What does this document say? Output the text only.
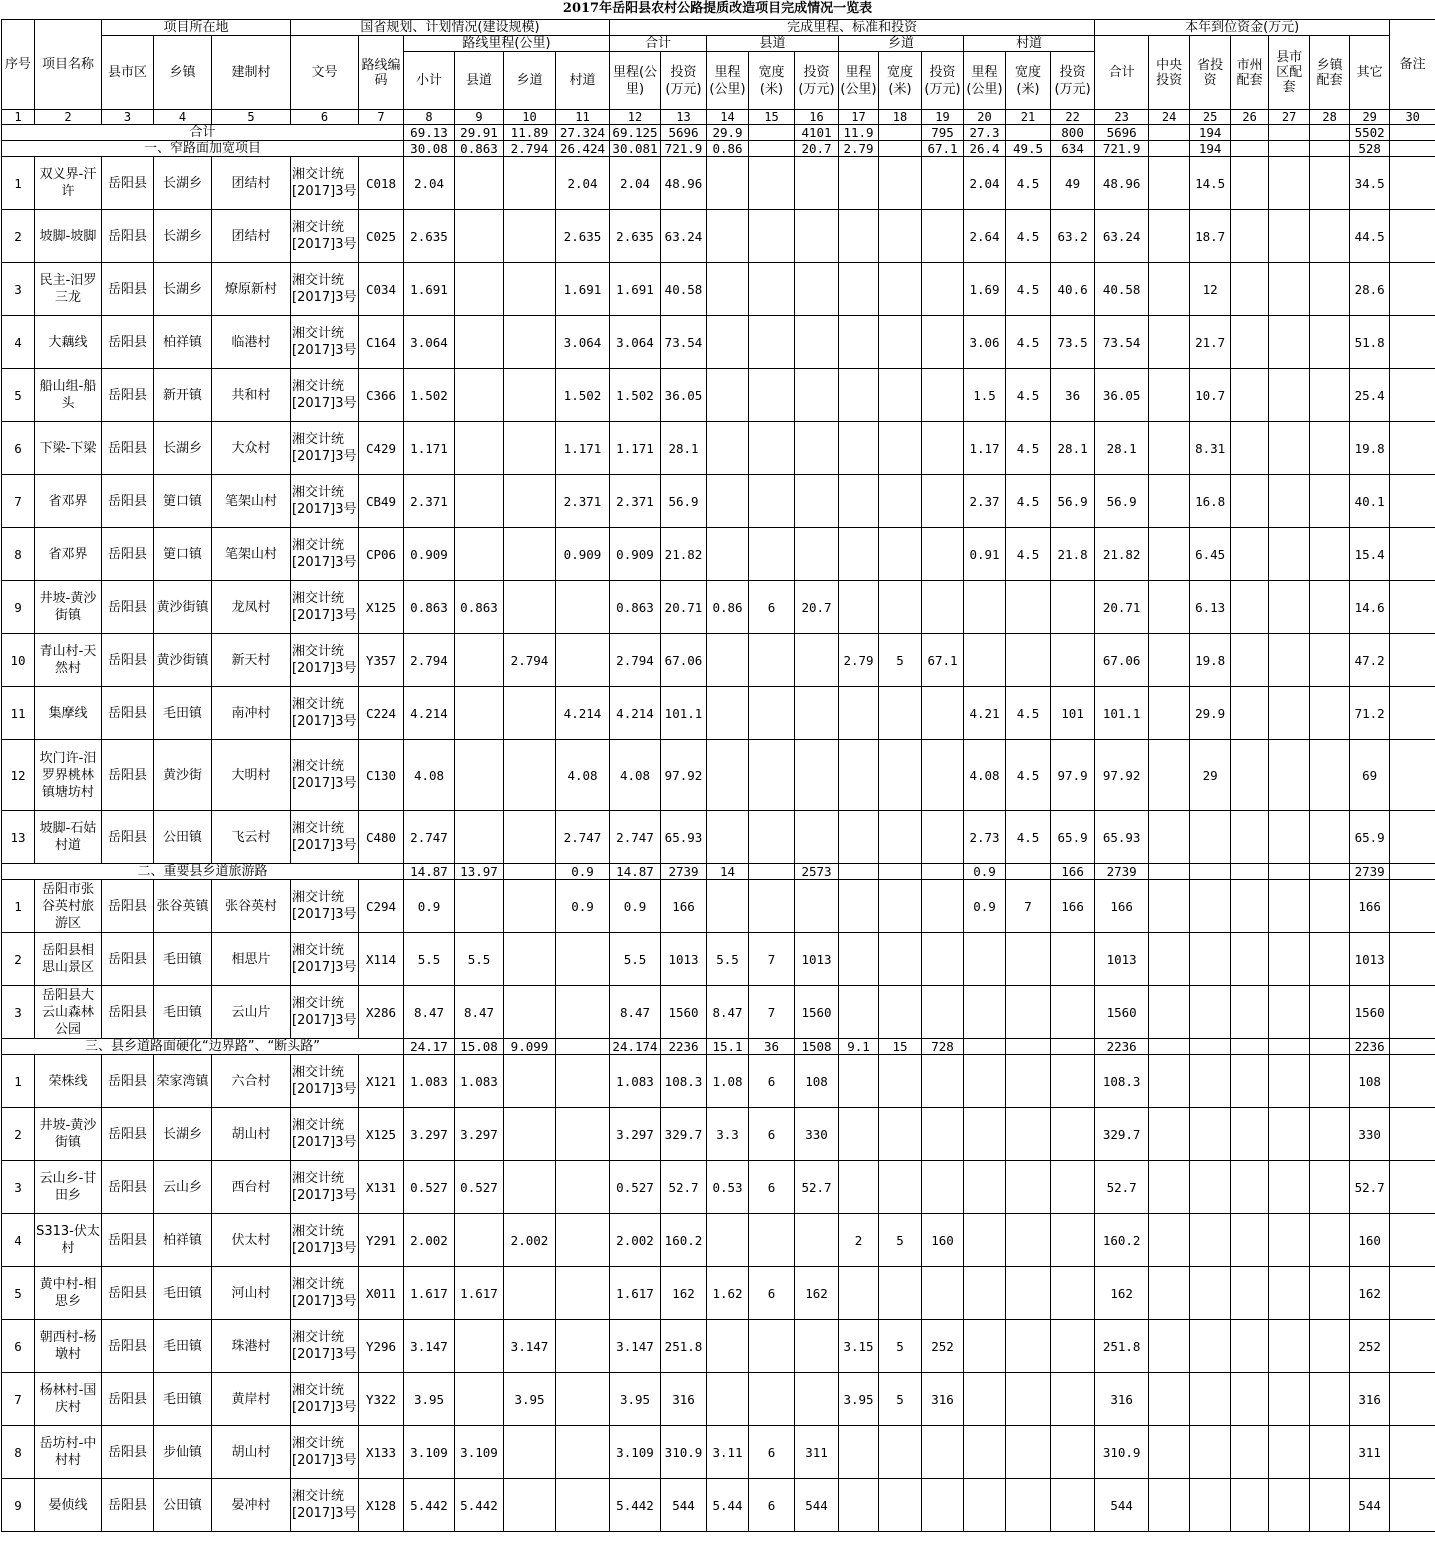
2017年岳阳县农村公路提质改造项目完成情况一览表
序号	项目名称	项目所在地			国省规划、计划情况(建设规模)						完成里程、标准和投资											本年到位资金(万元)							备注
		县市区	乡镇	建制村	文号	路线编码	路线里程(公里)				合计		县道			乡道			村道			合计	中央投资	省投资	市州配套	县市区配套	乡镇配套	其它	
							小计	县道	乡道	村道	里程(公里)	投资(万元)	里程(公里)	宽度(米)	投资(万元)	里程(公里)	宽度(米)	投资(万元)	里程(公里)	宽度(米)	投资(万元)								
1	2	3	4	5	6	7	8	9	10	11	12	13	14	15	16	17	18	19	20	21	22	23	24	25	26	27	28	29	30
合计							69.13	29.91	11.89	27.324	69.125	5696	29.9		4101	11.9		795	27.3		800	5696		194				5502	
一、窄路面加宽项目							30.08	0.863	2.794	26.424	30.081	721.9	0.86		20.7	2.79		67.1	26.4	49.5	634	721.9		194				528	
1	双义界-汗许	岳阳县	长湖乡	团结村	湘交计统[2017]3号	C018	2.04			2.04	2.04	48.96							2.04	4.5	49	48.96		14.5				34.5	
2	坡脚-坡脚	岳阳县	长湖乡	团结村	湘交计统[2017]3号	C025	2.635			2.635	2.635	63.24							2.64	4.5	63.2	63.24		18.7				44.5	
3	民主-汨罗三龙	岳阳县	长湖乡	燎原新村	湘交计统[2017]3号	C034	1.691			1.691	1.691	40.58							1.69	4.5	40.6	40.58		12				28.6	
4	大藕线	岳阳县	柏祥镇	临港村	湘交计统[2017]3号	C164	3.064			3.064	3.064	73.54							3.06	4.5	73.5	73.54		21.7				51.8	
5	船山组-船头	岳阳县	新开镇	共和村	湘交计统[2017]3号	C366	1.502			1.502	1.502	36.05							1.5	4.5	36	36.05		10.7				25.4	
6	下梁-下梁	岳阳县	长湖乡	大众村	湘交计统[2017]3号	C429	1.171			1.171	1.171	28.1							1.17	4.5	28.1	28.1		8.31				19.8	
7	省邓界	岳阳县	筻口镇	笔架山村	湘交计统[2017]3号	CB49	2.371			2.371	2.371	56.9							2.37	4.5	56.9	56.9		16.8				40.1	
8	省邓界	岳阳县	筻口镇	笔架山村	湘交计统[2017]3号	CP06	0.909			0.909	0.909	21.82							0.91	4.5	21.8	21.82		6.45				15.4	
9	井坡-黄沙街镇	岳阳县	黄沙街镇	龙凤村	湘交计统[2017]3号	X125	0.863	0.863			0.863	20.71	0.86	6	20.7							20.71		6.13				14.6	
10	青山村-天然村	岳阳县	黄沙街镇	新天村	湘交计统[2017]3号	Y357	2.794		2.794		2.794	67.06				2.79	5	67.1				67.06		19.8				47.2	
11	集摩线	岳阳县	毛田镇	南冲村	湘交计统[2017]3号	C224	4.214			4.214	4.214	101.1							4.21	4.5	101	101.1		29.9				71.2	
12	坎门许-汨罗界桃林镇塘坊村	岳阳县	黄沙街	大明村	湘交计统[2017]3号	C130	4.08			4.08	4.08	97.92							4.08	4.5	97.9	97.92		29				69	
13	坡脚-石姑村道	岳阳县	公田镇	飞云村	湘交计统[2017]3号	C480	2.747			2.747	2.747	65.93							2.73	4.5	65.9	65.93						65.9	
二、重要县乡道旅游路							14.87	13.97		0.9	14.87	2739	14		2573				0.9		166	2739						2739	
1	岳阳市张谷英村旅游区	岳阳县	张谷英镇	张谷英村	湘交计统[2017]3号	C294	0.9			0.9	0.9	166							0.9	7	166	166						166	
2	岳阳县相思山景区	岳阳县	毛田镇	相思片	湘交计统[2017]3号	X114	5.5	5.5			5.5	1013	5.5	7	1013							1013						1013	
3	岳阳县大云山森林公园	岳阳县	毛田镇	云山片	湘交计统[2017]3号	X286	8.47	8.47			8.47	1560	8.47	7	1560							1560						1560	
三、县乡道路面硬化“边界路”、“断头路”							24.17	15.08	9.099		24.174	2236	15.1	36	1508	9.1	15	728				2236						2236	
1	荣株线	岳阳县	荣家湾镇	六合村	湘交计统[2017]3号	X121	1.083	1.083			1.083	108.3	1.08	6	108							108.3						108	
2	井坡-黄沙街镇	岳阳县	长湖乡	胡山村	湘交计统[2017]3号	X125	3.297	3.297			3.297	329.7	3.3	6	330							329.7						330	
3	云山乡-甘田乡	岳阳县	云山乡	西台村	湘交计统[2017]3号	X131	0.527	0.527			0.527	52.7	0.53	6	52.7							52.7						52.7	
4	S313-伏太村	岳阳县	柏祥镇	伏太村	湘交计统[2017]3号	Y291	2.002		2.002		2.002	160.2				2	5	160				160.2						160	
5	黄中村-相思乡	岳阳县	毛田镇	河山村	湘交计统[2017]3号	X011	1.617	1.617			1.617	162	1.62	6	162							162						162	
6	朝西村-杨墩村	岳阳县	毛田镇	珠港村	湘交计统[2017]3号	Y296	3.147		3.147		3.147	251.8				3.15	5	252				251.8						252	
7	杨林村-国庆村	岳阳县	毛田镇	黄岸村	湘交计统[2017]3号	Y322	3.95		3.95		3.95	316				3.95	5	316				316						316	
8	岳坊村-中村村	岳阳县	步仙镇	胡山村	湘交计统[2017]3号	X133	3.109	3.109			3.109	310.9	3.11	6	311							310.9						311	
9	晏侦线	岳阳县	公田镇	晏冲村	湘交计统[2017]3号	X128	5.442	5.442			5.442	544	5.44	6	544							544						544	
